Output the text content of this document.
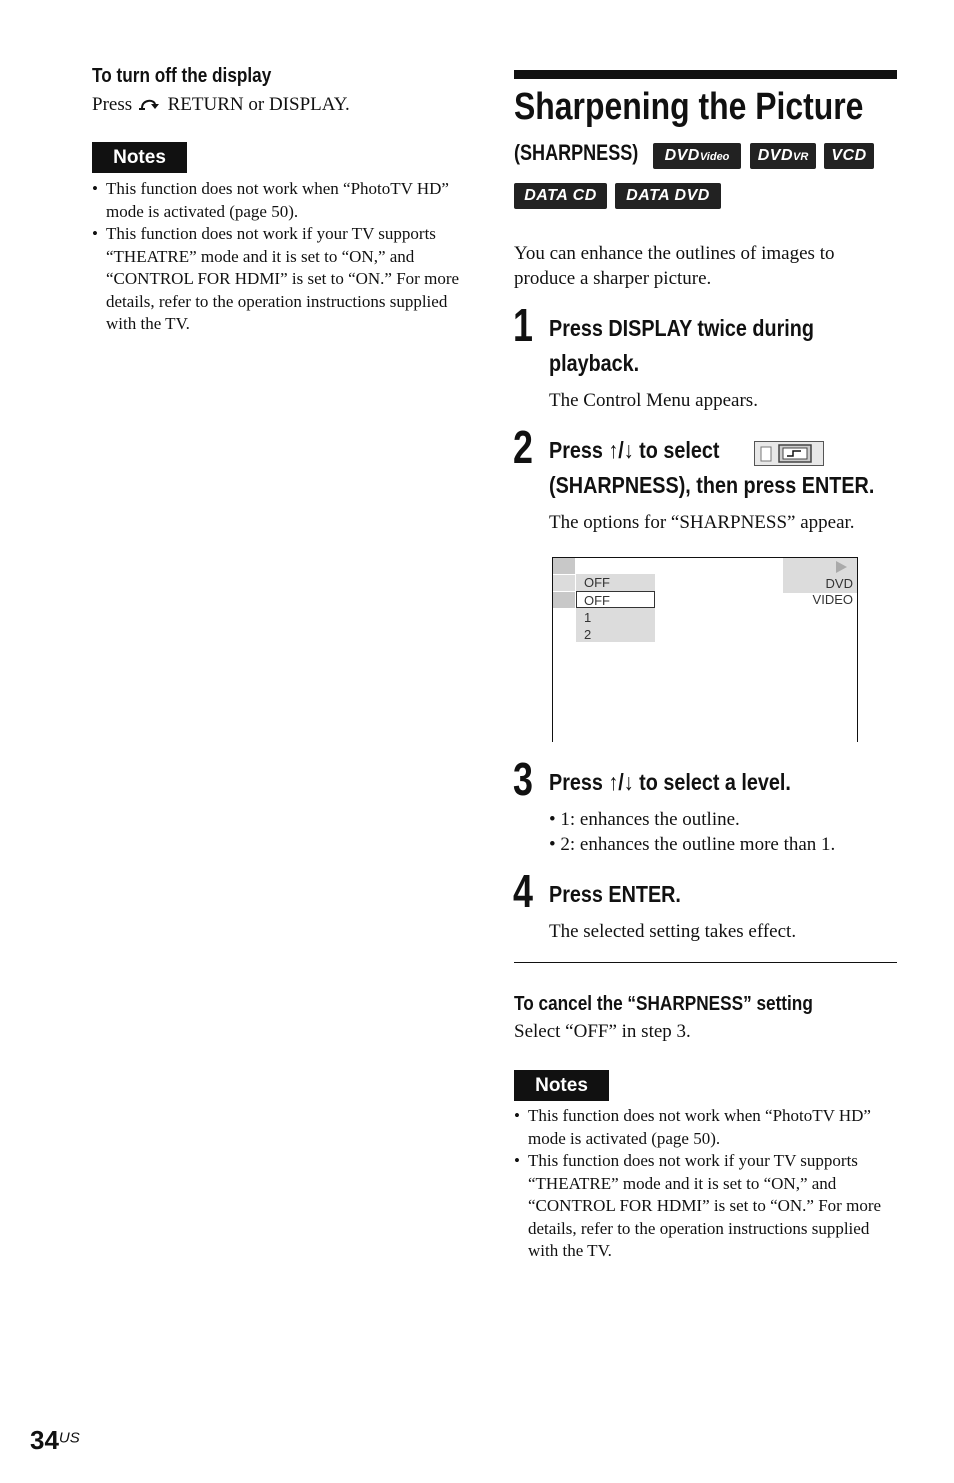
To turn off the display
Press RETURN or DISPLAY.
Notes
• This function does not work when “PhotoTV HD” mode is activated (page 50).
• This function does not work if your TV supports “THEATRE” mode and it is set to “ON,” and “CONTROL FOR HDMI” is set to “ON.” For more details, refer to the operation instructions supplied with the TV.
Sharpening the Picture
(SHARPNESS)	DVDVideo	DVDVR	VCD
DATA CD	DATA DVD
You can enhance the outlines of images to produce a sharper picture.
1 Press DISPLAY twice during
playback.
The Control Menu appears.
2 Press ↑/↓ to select
(SHARPNESS), then press ENTER.
The options for “SHARPNESS” appear.
OFF
OFF
1
2
DVD VIDEO
3 Press ↑/↓ to select a level.
• 1: enhances the outline.
• 2: enhances the outline more than 1.
4 Press ENTER.
The selected setting takes effect.
To cancel the “SHARPNESS” setting
Select “OFF” in step 3.
Notes
• This function does not work when “PhotoTV HD” mode is activated (page 50).
• This function does not work if your TV supports “THEATRE” mode and it is set to “ON,” and “CONTROL FOR HDMI” is set to “ON.” For more details, refer to the operation instructions supplied with the TV.
$34^{US}$
